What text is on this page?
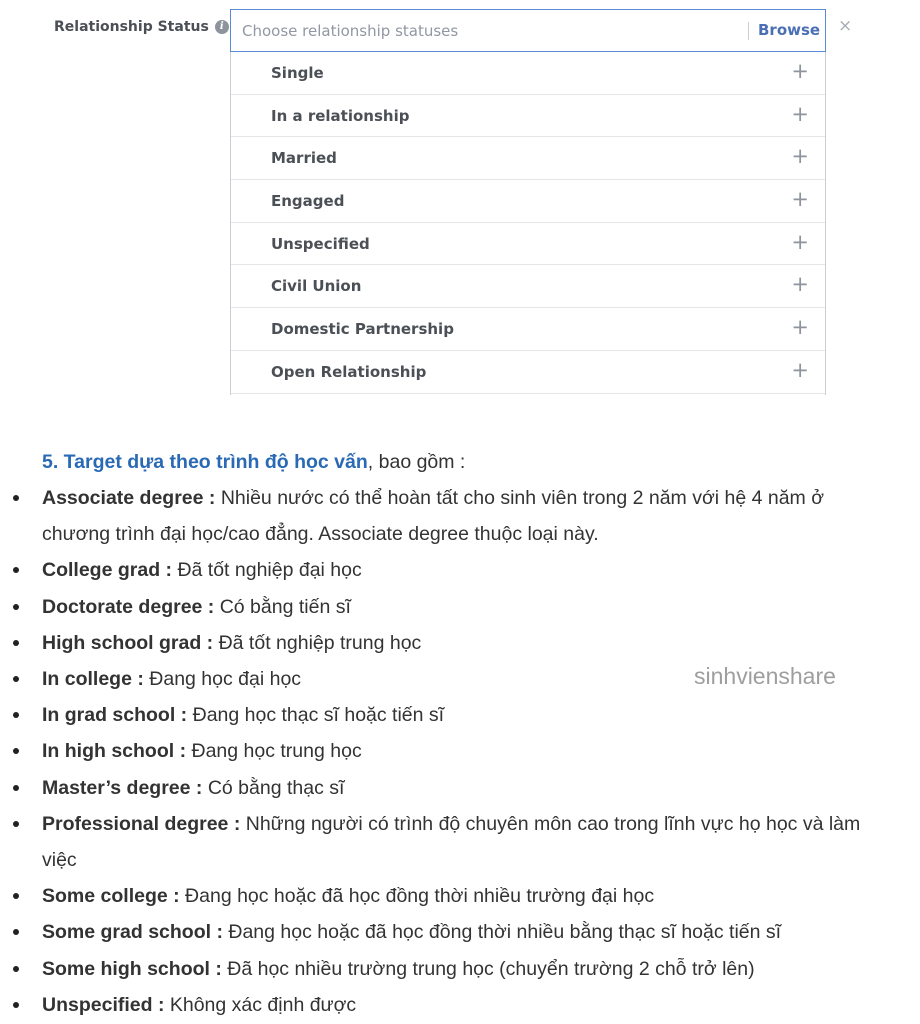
Relationship Status	i	Choose relationship statuses	Browse ×
Single	+
In a relationship	+
Married	+
Engaged	+
Unspecified	+
Civil Union	+
Domestic Partnership	+
Open Relationship	+
5. Target dựa theo trình độ học vấn, bao gồm :
Associate degree : Nhiều nước có thể hoàn tất cho sinh viên trong 2 năm với hệ 4 năm ở chương trình đại học/cao đẳng. Associate degree thuộc loại này.
College grad : Đã tốt nghiệp đại học
Doctorate degree : Có bằng tiến sĩ
High school grad : Đã tốt nghiệp trung học
In college : Đang học đại học
In grad school : Đang học thạc sĩ hoặc tiến sĩ
In high school : Đang học trung học
Master’s degree : Có bằng thạc sĩ
Professional degree : Những người có trình độ chuyên môn cao trong lĩnh vực họ học và làm việc
Some college : Đang học hoặc đã học đồng thời nhiều trường đại học
Some grad school : Đang học hoặc đã học đồng thời nhiều bằng thạc sĩ hoặc tiến sĩ
Some high school : Đã học nhiều trường trung học (chuyển trường 2 chỗ trở lên)
Unspecified : Không xác định được
sinhvienshare
